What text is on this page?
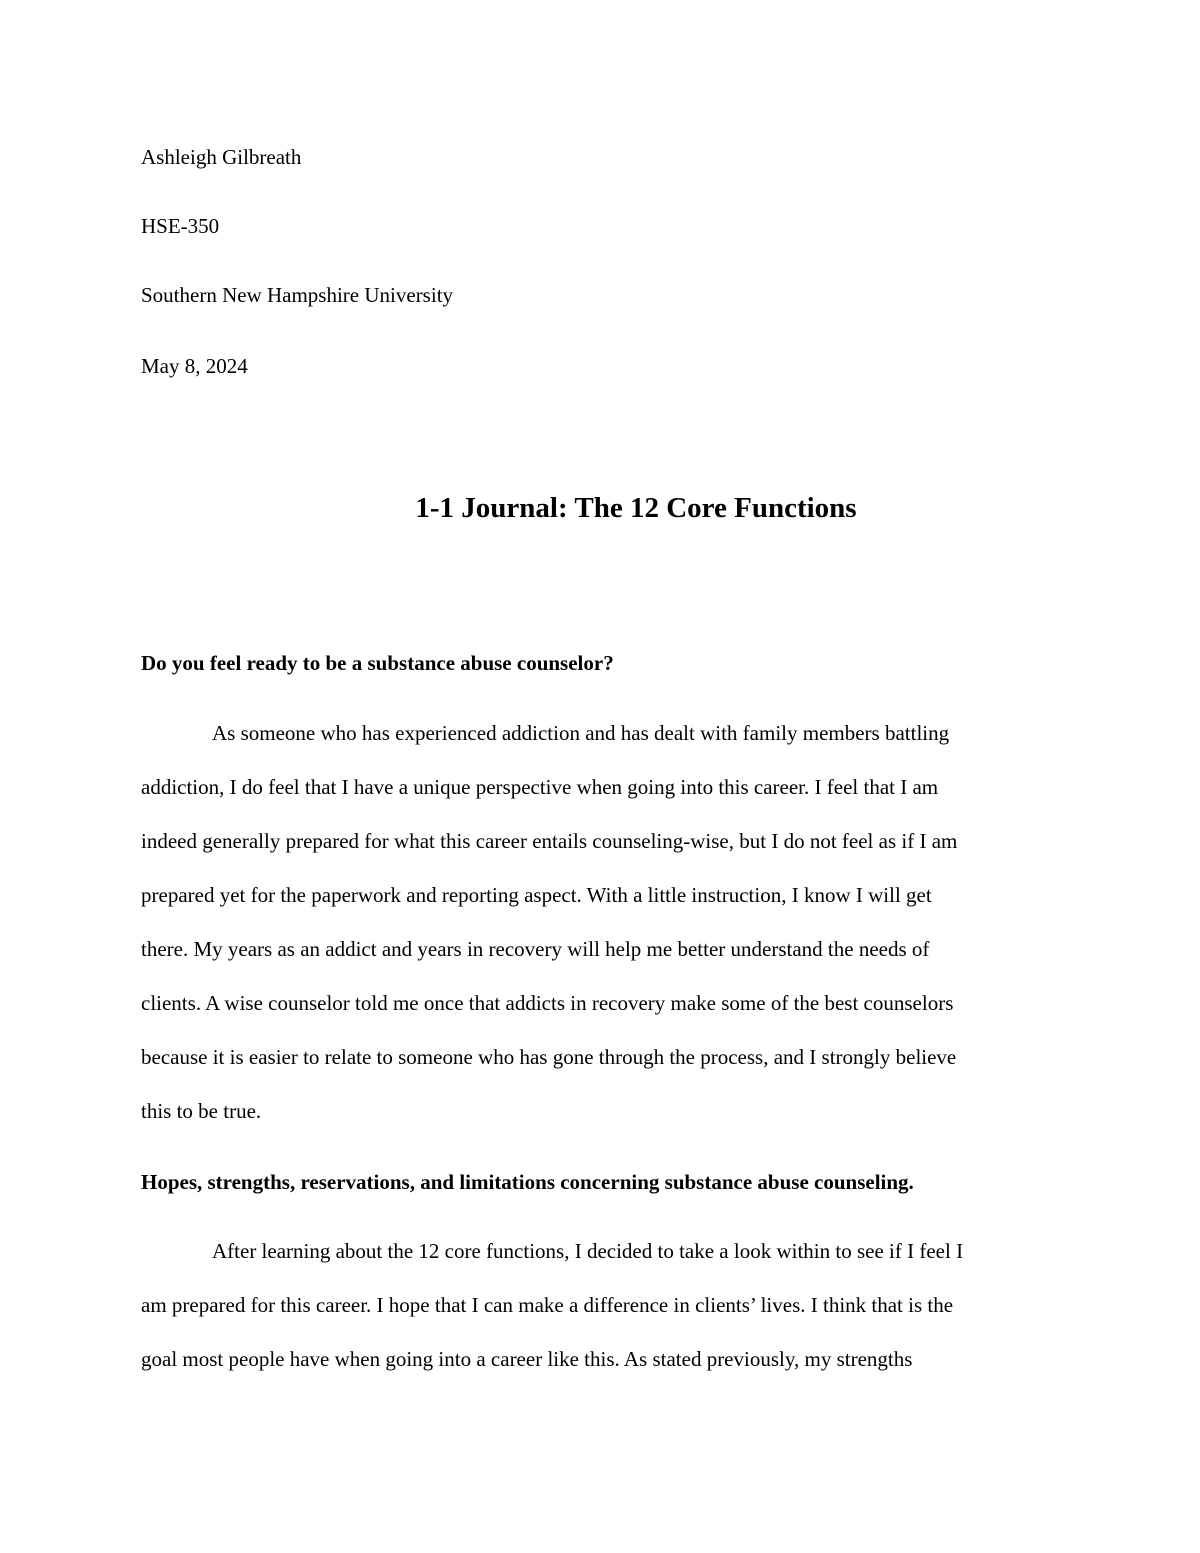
Ashleigh Gilbreath
HSE-350
Southern New Hampshire University
May 8, 2024
1-1 Journal: The 12 Core Functions
Do you feel ready to be a substance abuse counselor?
As someone who has experienced addiction and has dealt with family members battling
addiction, I do feel that I have a unique perspective when going into this career. I feel that I am
indeed generally prepared for what this career entails counseling-wise, but I do not feel as if I am
prepared yet for the paperwork and reporting aspect. With a little instruction, I know I will get
there. My years as an addict and years in recovery will help me better understand the needs of
clients. A wise counselor told me once that addicts in recovery make some of the best counselors
because it is easier to relate to someone who has gone through the process, and I strongly believe
this to be true.
Hopes, strengths, reservations, and limitations concerning substance abuse counseling.
After learning about the 12 core functions, I decided to take a look within to see if I feel I
am prepared for this career. I hope that I can make a difference in clients’ lives. I think that is the
goal most people have when going into a career like this. As stated previously, my strengths
